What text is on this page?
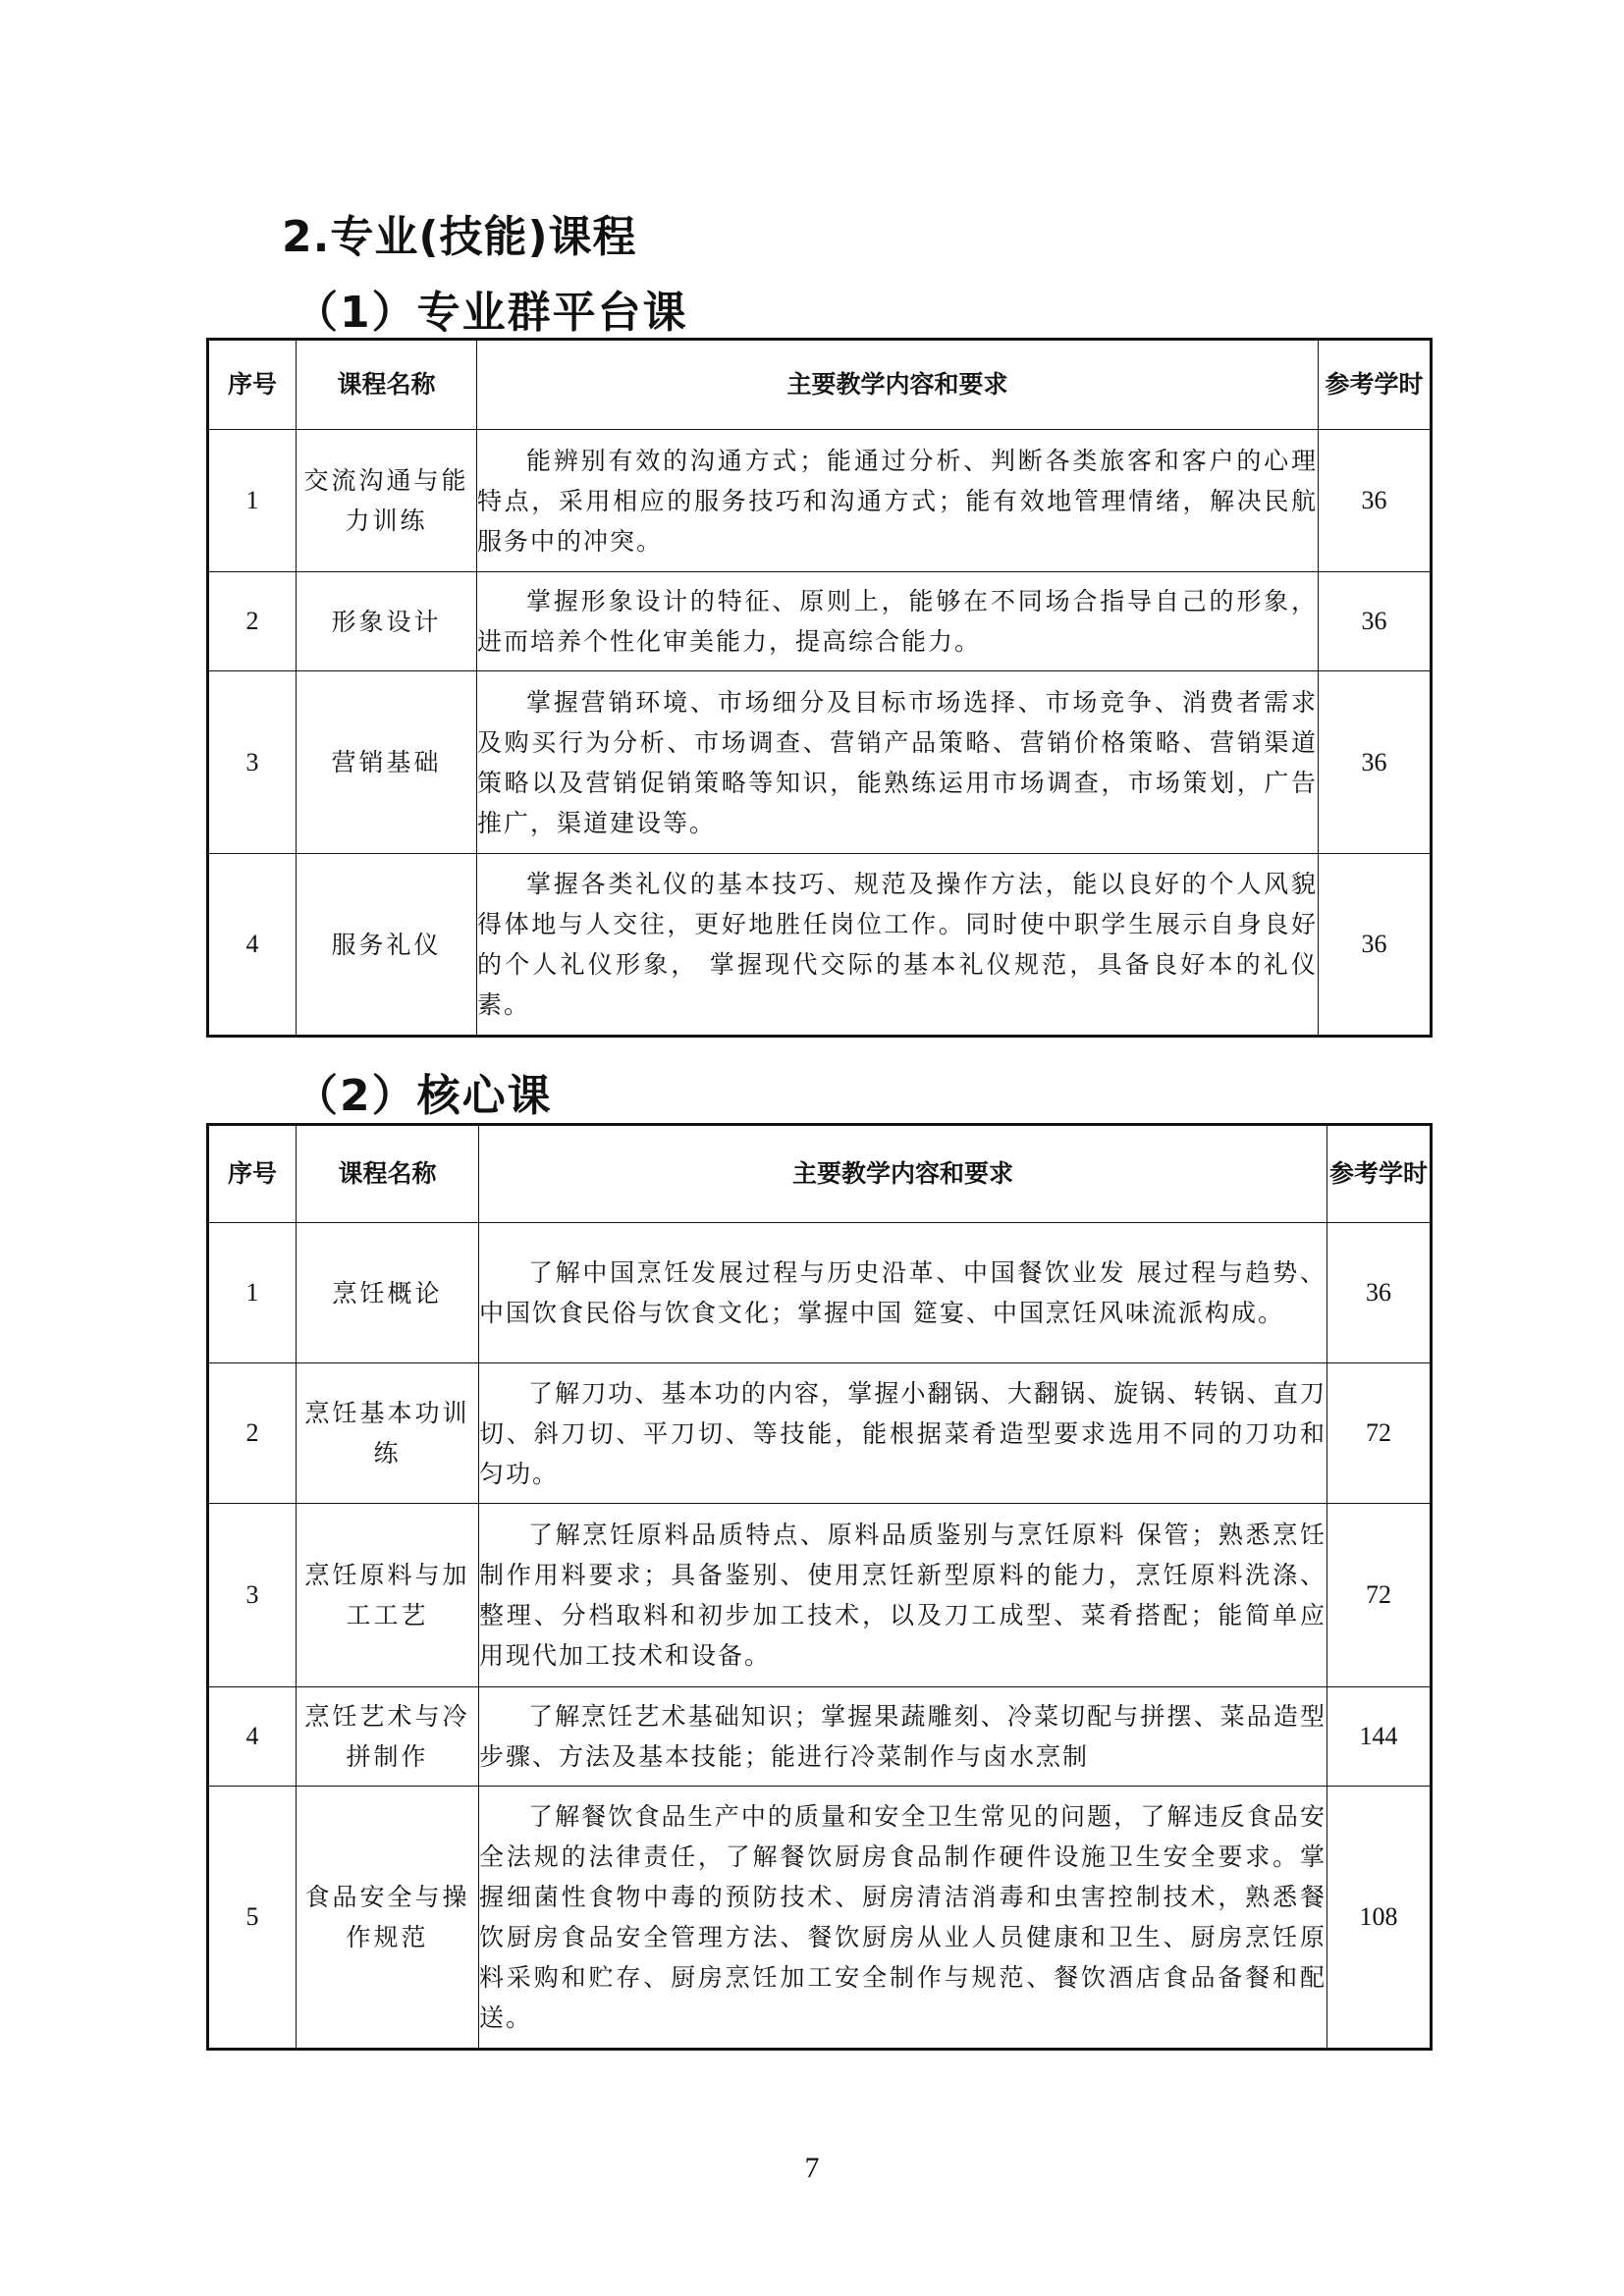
2.专业(技能)课程
（1）专业群平台课
序号	课程名称	主要教学内容和要求	参考学时
1	交流沟通与能力训练	能辨别有效的沟通方式；能通过分析、判断各类旅客和客户的心理特点，采用相应的服务技巧和沟通方式；能有效地管理情绪，解决民航服务中的冲突。	36
2	形象设计	掌握形象设计的特征、原则上，能够在不同场合指导自己的形象，进而培养个性化审美能力，提高综合能力。	36
3	营销基础	掌握营销环境、市场细分及目标市场选择、市场竞争、消费者需求及购买行为分析、市场调查、营销产品策略、营销价格策略、营销渠道策略以及营销促销策略等知识，能熟练运用市场调查，市场策划，广告推广，渠道建设等。	36
4	服务礼仪	掌握各类礼仪的基本技巧、规范及操作方法，能以良好的个人风貌得体地与人交往，更好地胜任岗位工作。同时使中职学生展示自身良好的个人礼仪形象， 掌握现代交际的基本礼仪规范，具备良好本的礼仪素。	36
（2）核心课
序号	课程名称	主要教学内容和要求	参考学时
1	烹饪概论	了解中国烹饪发展过程与历史沿革、中国餐饮业发 展过程与趋势、中国饮食民俗与饮食文化；掌握中国 筵宴、中国烹饪风味流派构成。	36
2	烹饪基本功训练	了解刀功、基本功的内容，掌握小翻锅、大翻锅、旋锅、转锅、直刀切、斜刀切、平刀切、等技能，能根据菜肴造型要求选用不同的刀功和匀功。	72
3	烹饪原料与加工工艺	了解烹饪原料品质特点、原料品质鉴别与烹饪原料 保管；熟悉烹饪制作用料要求；具备鉴别、使用烹饪新型原料的能力，烹饪原料洗涤、整理、分档取料和初步加工技术，以及刀工成型、菜肴搭配；能简单应用现代加工技术和设备。	72
4	烹饪艺术与冷拼制作	了解烹饪艺术基础知识；掌握果蔬雕刻、冷菜切配与拼摆、菜品造型步骤、方法及基本技能；能进行冷菜制作与卤水烹制	144
5	食品安全与操作规范	了解餐饮食品生产中的质量和安全卫生常见的问题，了解违反食品安全法规的法律责任，了解餐饮厨房食品制作硬件设施卫生安全要求。掌握细菌性食物中毒的预防技术、厨房清洁消毒和虫害控制技术，熟悉餐饮厨房食品安全管理方法、餐饮厨房从业人员健康和卫生、厨房烹饪原料采购和贮存、厨房烹饪加工安全制作与规范、餐饮酒店食品备餐和配送。	108
7
